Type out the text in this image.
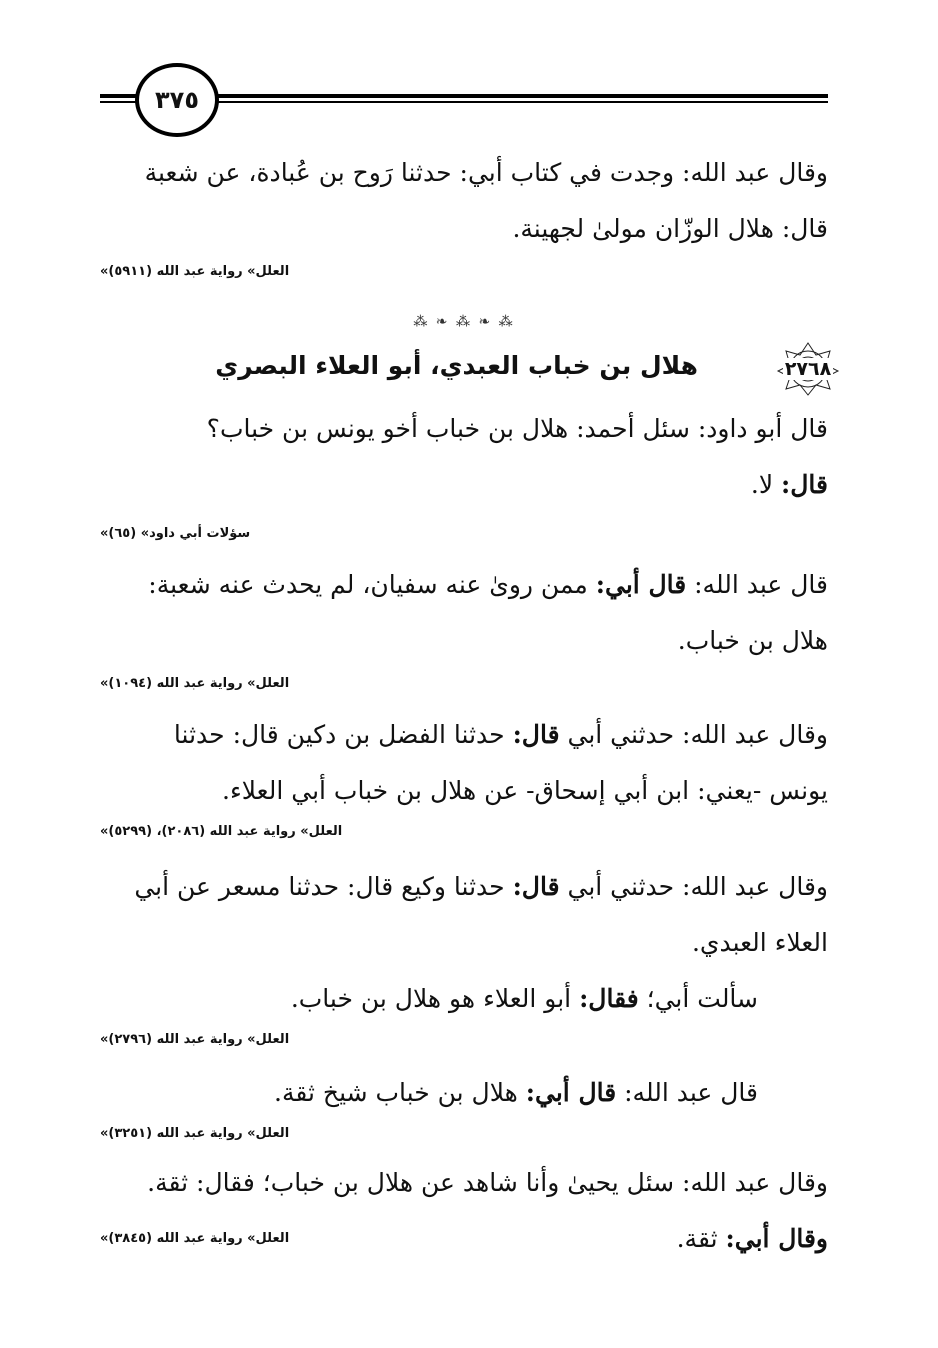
٣٧٥

وقال عبد الله: وجدت في كتاب أبي: حدثنا رَوح بن عُبادة، عن شعبة

قال: هلال الوزّان مولىٰ لجهينة.

«العلل» رواية عبد الله (٥٩١١)

⁂ ❧ ⁂ ❧ ⁂
٢٧٦٨
هلال بن خباب العبدي، أبو العلاء البصري

قال أبو داود: سئل أحمد: هلال بن خباب أخو يونس بن خباب؟

قال: لا.

«سؤلات أبي داود» (٦٥)

قال عبد الله: قال أبي: ممن روىٰ عنه سفيان، لم يحدث عنه شعبة:

هلال بن خباب.

«العلل» رواية عبد الله (١٠٩٤)

وقال عبد الله: حدثني أبي قال: حدثنا الفضل بن دكين قال: حدثنا

يونس -يعني: ابن أبي إسحاق- عن هلال بن خباب أبي العلاء.

«العلل» رواية عبد الله (٢٠٨٦)، (٥٢٩٩)

وقال عبد الله: حدثني أبي قال: حدثنا وكيع قال: حدثنا مسعر عن أبي

العلاء العبدي.

سألت أبي؛ فقال: أبو العلاء هو هلال بن خباب.

«العلل» رواية عبد الله (٢٧٩٦)

قال عبد الله: قال أبي: هلال بن خباب شيخ ثقة.

«العلل» رواية عبد الله (٣٢٥١)

وقال عبد الله: سئل يحيىٰ وأنا شاهد عن هلال بن خباب؛ فقال: ثقة.

وقال أبي: ثقة.

«العلل» رواية عبد الله (٣٨٤٥)
